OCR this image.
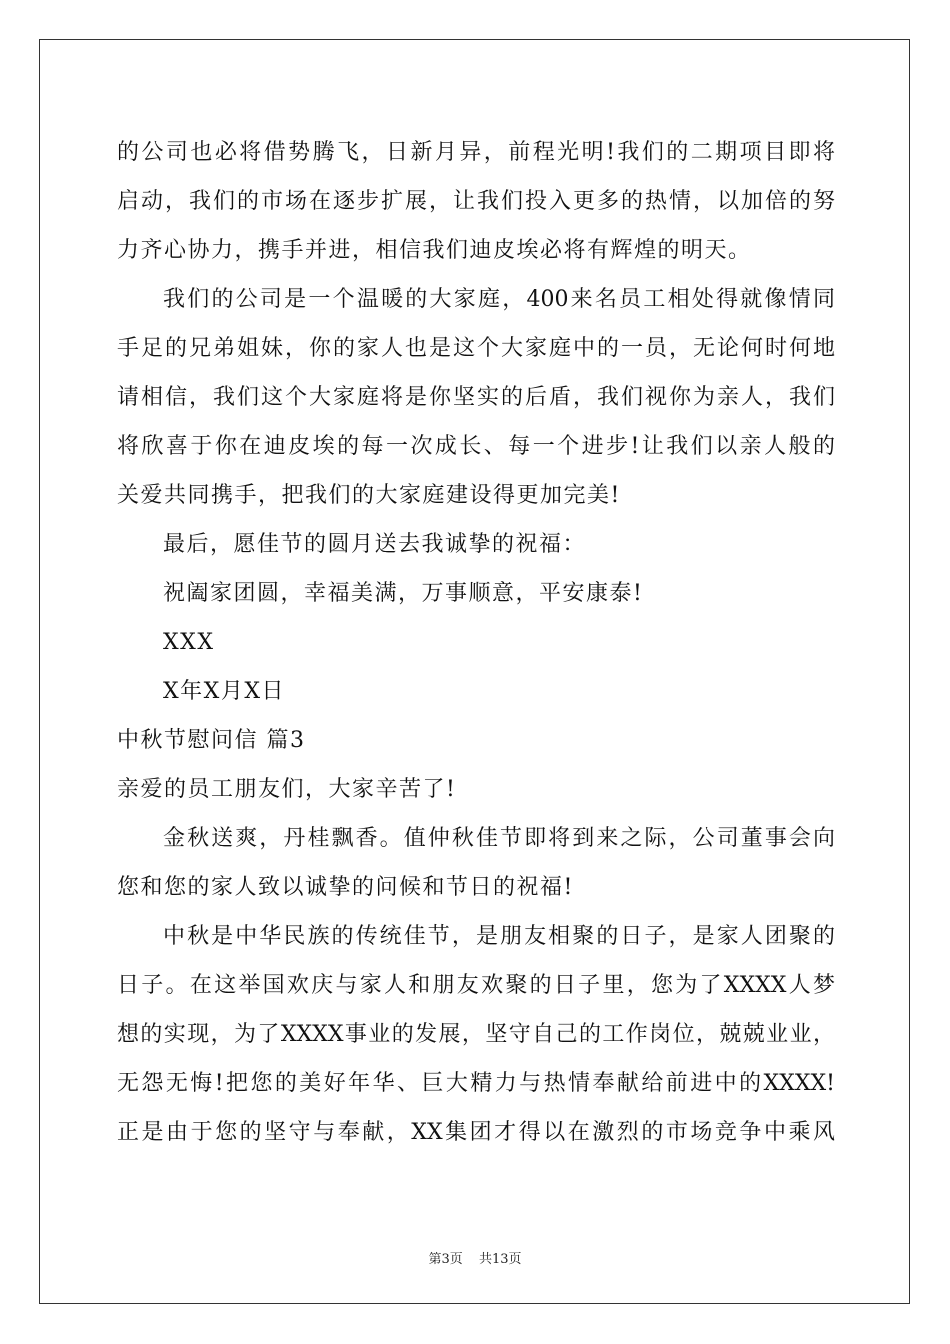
的公司也必将借势腾飞，日新月异，前程光明!我们的二期项目即将

启动，我们的市场在逐步扩展，让我们投入更多的热情，以加倍的努

力齐心协力，携手并进，相信我们迪皮埃必将有辉煌的明天。

我们的公司是一个温暖的大家庭，400来名员工相处得就像情同

手足的兄弟姐妹，你的家人也是这个大家庭中的一员，无论何时何地

请相信，我们这个大家庭将是你坚实的后盾，我们视你为亲人，我们

将欣喜于你在迪皮埃的每一次成长、每一个进步!让我们以亲人般的

关爱共同携手，把我们的大家庭建设得更加完美!

最后，愿佳节的圆月送去我诚挚的祝福：

祝阖家团圆，幸福美满，万事顺意，平安康泰!

XXX

X年X月X日

中秋节慰问信 篇3

亲爱的员工朋友们，大家辛苦了!

金秋送爽，丹桂飘香。值仲秋佳节即将到来之际，公司董事会向

您和您的家人致以诚挚的问候和节日的祝福!

中秋是中华民族的传统佳节，是朋友相聚的日子，是家人团聚的

日子。在这举国欢庆与家人和朋友欢聚的日子里，您为了XXXX人梦

想的实现，为了XXXX事业的发展，坚守自己的工作岗位，兢兢业业，

无怨无悔!把您的美好年华、巨大精力与热情奉献给前进中的XXXX!

正是由于您的坚守与奉献，XX集团才得以在激烈的市场竞争中乘风

第3页 共13页
